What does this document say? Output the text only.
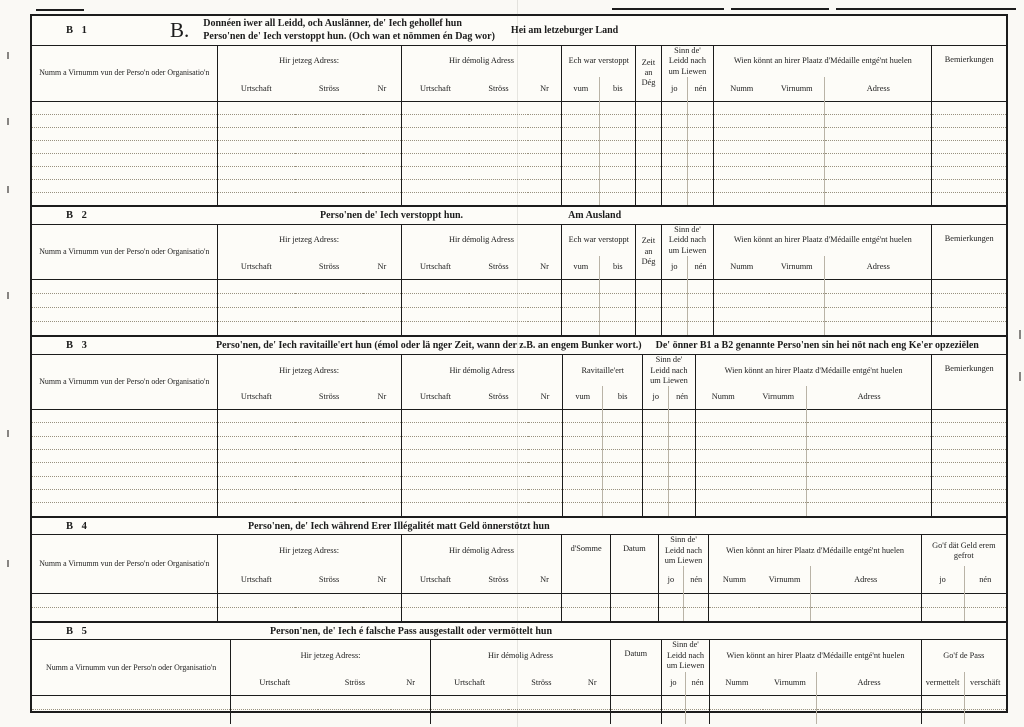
B 1	B. Donnéen iwer all Leidd, och Auslänner, de' Iech gehollef hun
Perso'nen de' Iech verstoppt hun. (Och wan et nömmen én Dag wor) Hei am letzeburger Land
Numm a Virnumm vun der Perso'n oder Organisatio'n	Hir jetzeg Adress:			Hir démolig Adress			Ech war verstoppt		Zeit an Dég	Sinn de' Leidd nach um Liewen		Wien könnt an hirer Plaatz d'Médaille entgé'nt huelen			Bemierkungen
	Urtschaft	Ströss	Nr	Urtschaft	Ströss	Nr	vum	bis		jo	nén	Numm	Virnumm	Adress	

B 2	Perso'nen de' Iech verstoppt hun.	Am Ausland
Numm a Virnumm vun der Perso'n oder Organisatio'n	Hir jetzeg Adress:			Hir démolig Adress			Ech war verstoppt		Zeit an Dég	Sinn de' Leidd nach um Liewen		Wien könnt an hirer Plaatz d'Médaille entgé'nt huelen			Bemierkungen
	Urtschaft	Ströss	Nr	Urtschaft	Ströss	Nr	vum	bis		jo	nén	Numm	Virnumm	Adress	

B 3	Perso'nen, de' Iech ravitaille'ert hun (émol oder lä nger Zeit, wann der z.B. an engem Bunker wort.) De' önner B1 a B2 genannte Perso'nen sin hei nöt nach eng Ke'er opzeziëlen
Numm a Virnumm vun der Perso'n oder Organisatio'n	Hir jetzeg Adress:			Hir démolig Adress			Ravitaille'ert		Sinn de' Leidd nach um Liewen		Wien könnt an hirer Plaatz d'Médaille entgé'nt huelen			Bemierkungen
	Urtschaft	Ströss	Nr	Urtschaft	Ströss	Nr	vum	bis	jo	nén	Numm	Virnumm	Adress	

B 4	Perso'nen, de' Iech während Erer Illégalitét matt Geld önnerstötzt hun
Numm a Virnumm vun der Perso'n oder Organisatio'n	Hir jetzeg Adress:			Hir démolig Adress			d'Somme	Datum	Sinn de' Leidd nach um Liewen		Wien könnt an hirer Plaatz d'Médaille entgé'nt huelen			Go'f dät Geld erem gefrot	
	Urtschaft	Ströss	Nr	Urtschaft	Ströss	Nr			jo	nén	Numm	Virnumm	Adress	jo	nén

B 5	Person'nen, de' Iech é falsche Pass ausgestallt oder vermöttelt hun
Numm a Virnumm vun der Perso'n oder Organisatio'n	Hir jetzeg Adress:			Hir démolig Adress			Datum	Sinn de' Leidd nach um Liewen		Wien könnt an hirer Plaatz d'Médaille entgé'nt huelen			Go'f de Pass	
	Urtschaft	Ströss	Nr	Urtschaft	Ströss	Nr		jo	nén	Numm	Virnumm	Adress	vermettelt	verschäft
